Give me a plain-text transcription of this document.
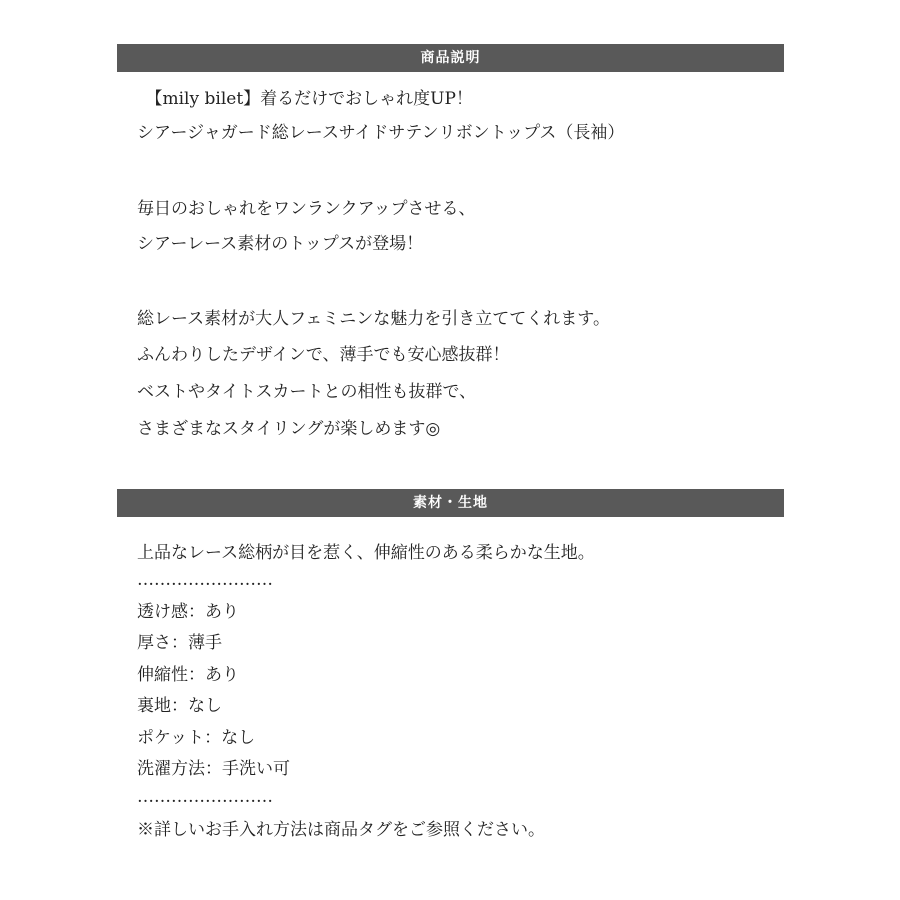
商品説明
　【mily bilet】着るだけでおしゃれ度UP！
シアージャガード総レースサイドサテンリボントップス（長袖）
毎日のおしゃれをワンランクアップさせる、
シアーレース素材のトップスが登場！
総レース素材が大人フェミニンな魅力を引き立ててくれます。
ふんわりしたデザインで、薄手でも安心感抜群！
ベストやタイトスカートとの相性も抜群で、
さまざまなスタイリングが楽しめます◎
素材・生地
上品なレース総柄が目を惹く、伸縮性のある柔らかな生地。
……………………
透け感：あり
厚さ：薄手
伸縮性：あり
裏地：なし
ポケット：なし
洗濯方法：手洗い可
……………………
※詳しいお手入れ方法は商品タグをご参照ください。
